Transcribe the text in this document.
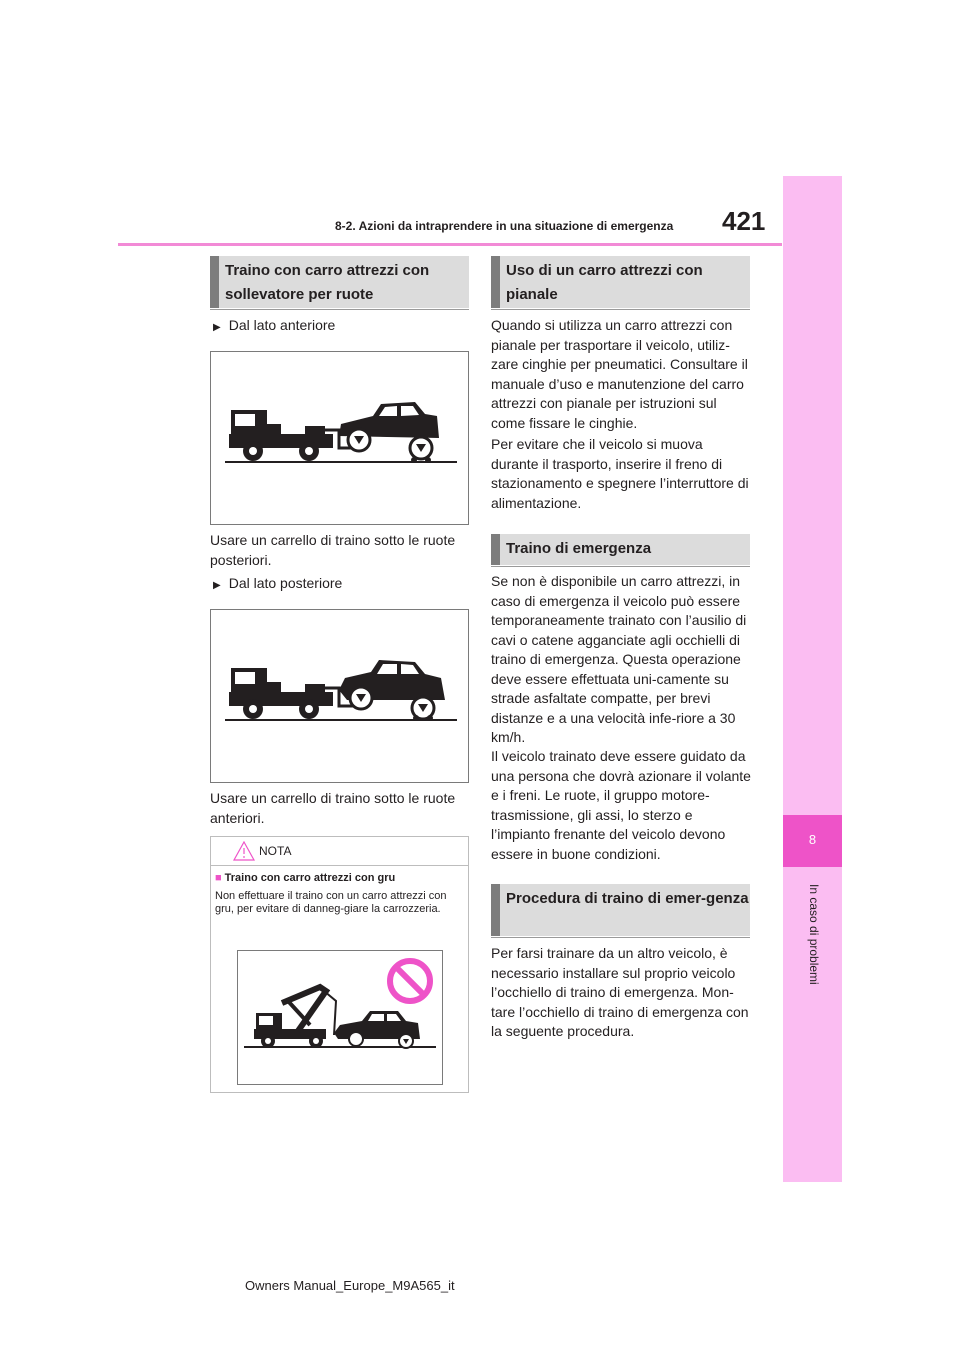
8-2. Azioni da intraprendere in una situazione di emergenza 421
8
In caso di problemi
Traino con carro attrezzi con sollevatore per ruote
▶ Dal lato anteriore
Usare un carrello di traino sotto le ruote posteriori.
▶ Dal lato posteriore
Usare un carrello di traino sotto le ruote anteriori.
NOTA
■ Traino con carro attrezzi con gru
Non effettuare il traino con un carro attrezzi con gru, per evitare di danneg-giare la carrozzeria.
Uso di un carro attrezzi con pianale
Quando si utilizza un carro attrezzi con pianale per trasportare il veicolo, utiliz-zare cinghie per pneumatici. Consultare il manuale d’uso e manutenzione del carro attrezzi con pianale per istruzioni sul come fissare le cinghie.
Per evitare che il veicolo si muova durante il trasporto, inserire il freno di stazionamento e spegnere l’interruttore di alimentazione.
Traino di emergenza
Se non è disponibile un carro attrezzi, in caso di emergenza il veicolo può essere temporaneamente trainato con l’ausilio di cavi o catene agganciate agli occhielli di traino di emergenza. Questa operazione deve essere effettuata uni-camente su strade asfaltate compatte, per brevi distanze e a una velocità infe-riore a 30 km/h.
Il veicolo trainato deve essere guidato da una persona che dovrà azionare il volante e i freni. Le ruote, il gruppo motore-trasmissione, gli assi, lo sterzo e l’impianto frenante del veicolo devono essere in buone condizioni.
Procedura di traino di emer-genza
Per farsi trainare da un altro veicolo, è necessario installare sul proprio veicolo l’occhiello di traino di emergenza. Mon-tare l’occhiello di traino di emergenza con la seguente procedura.
Owners Manual_Europe_M9A565_it
